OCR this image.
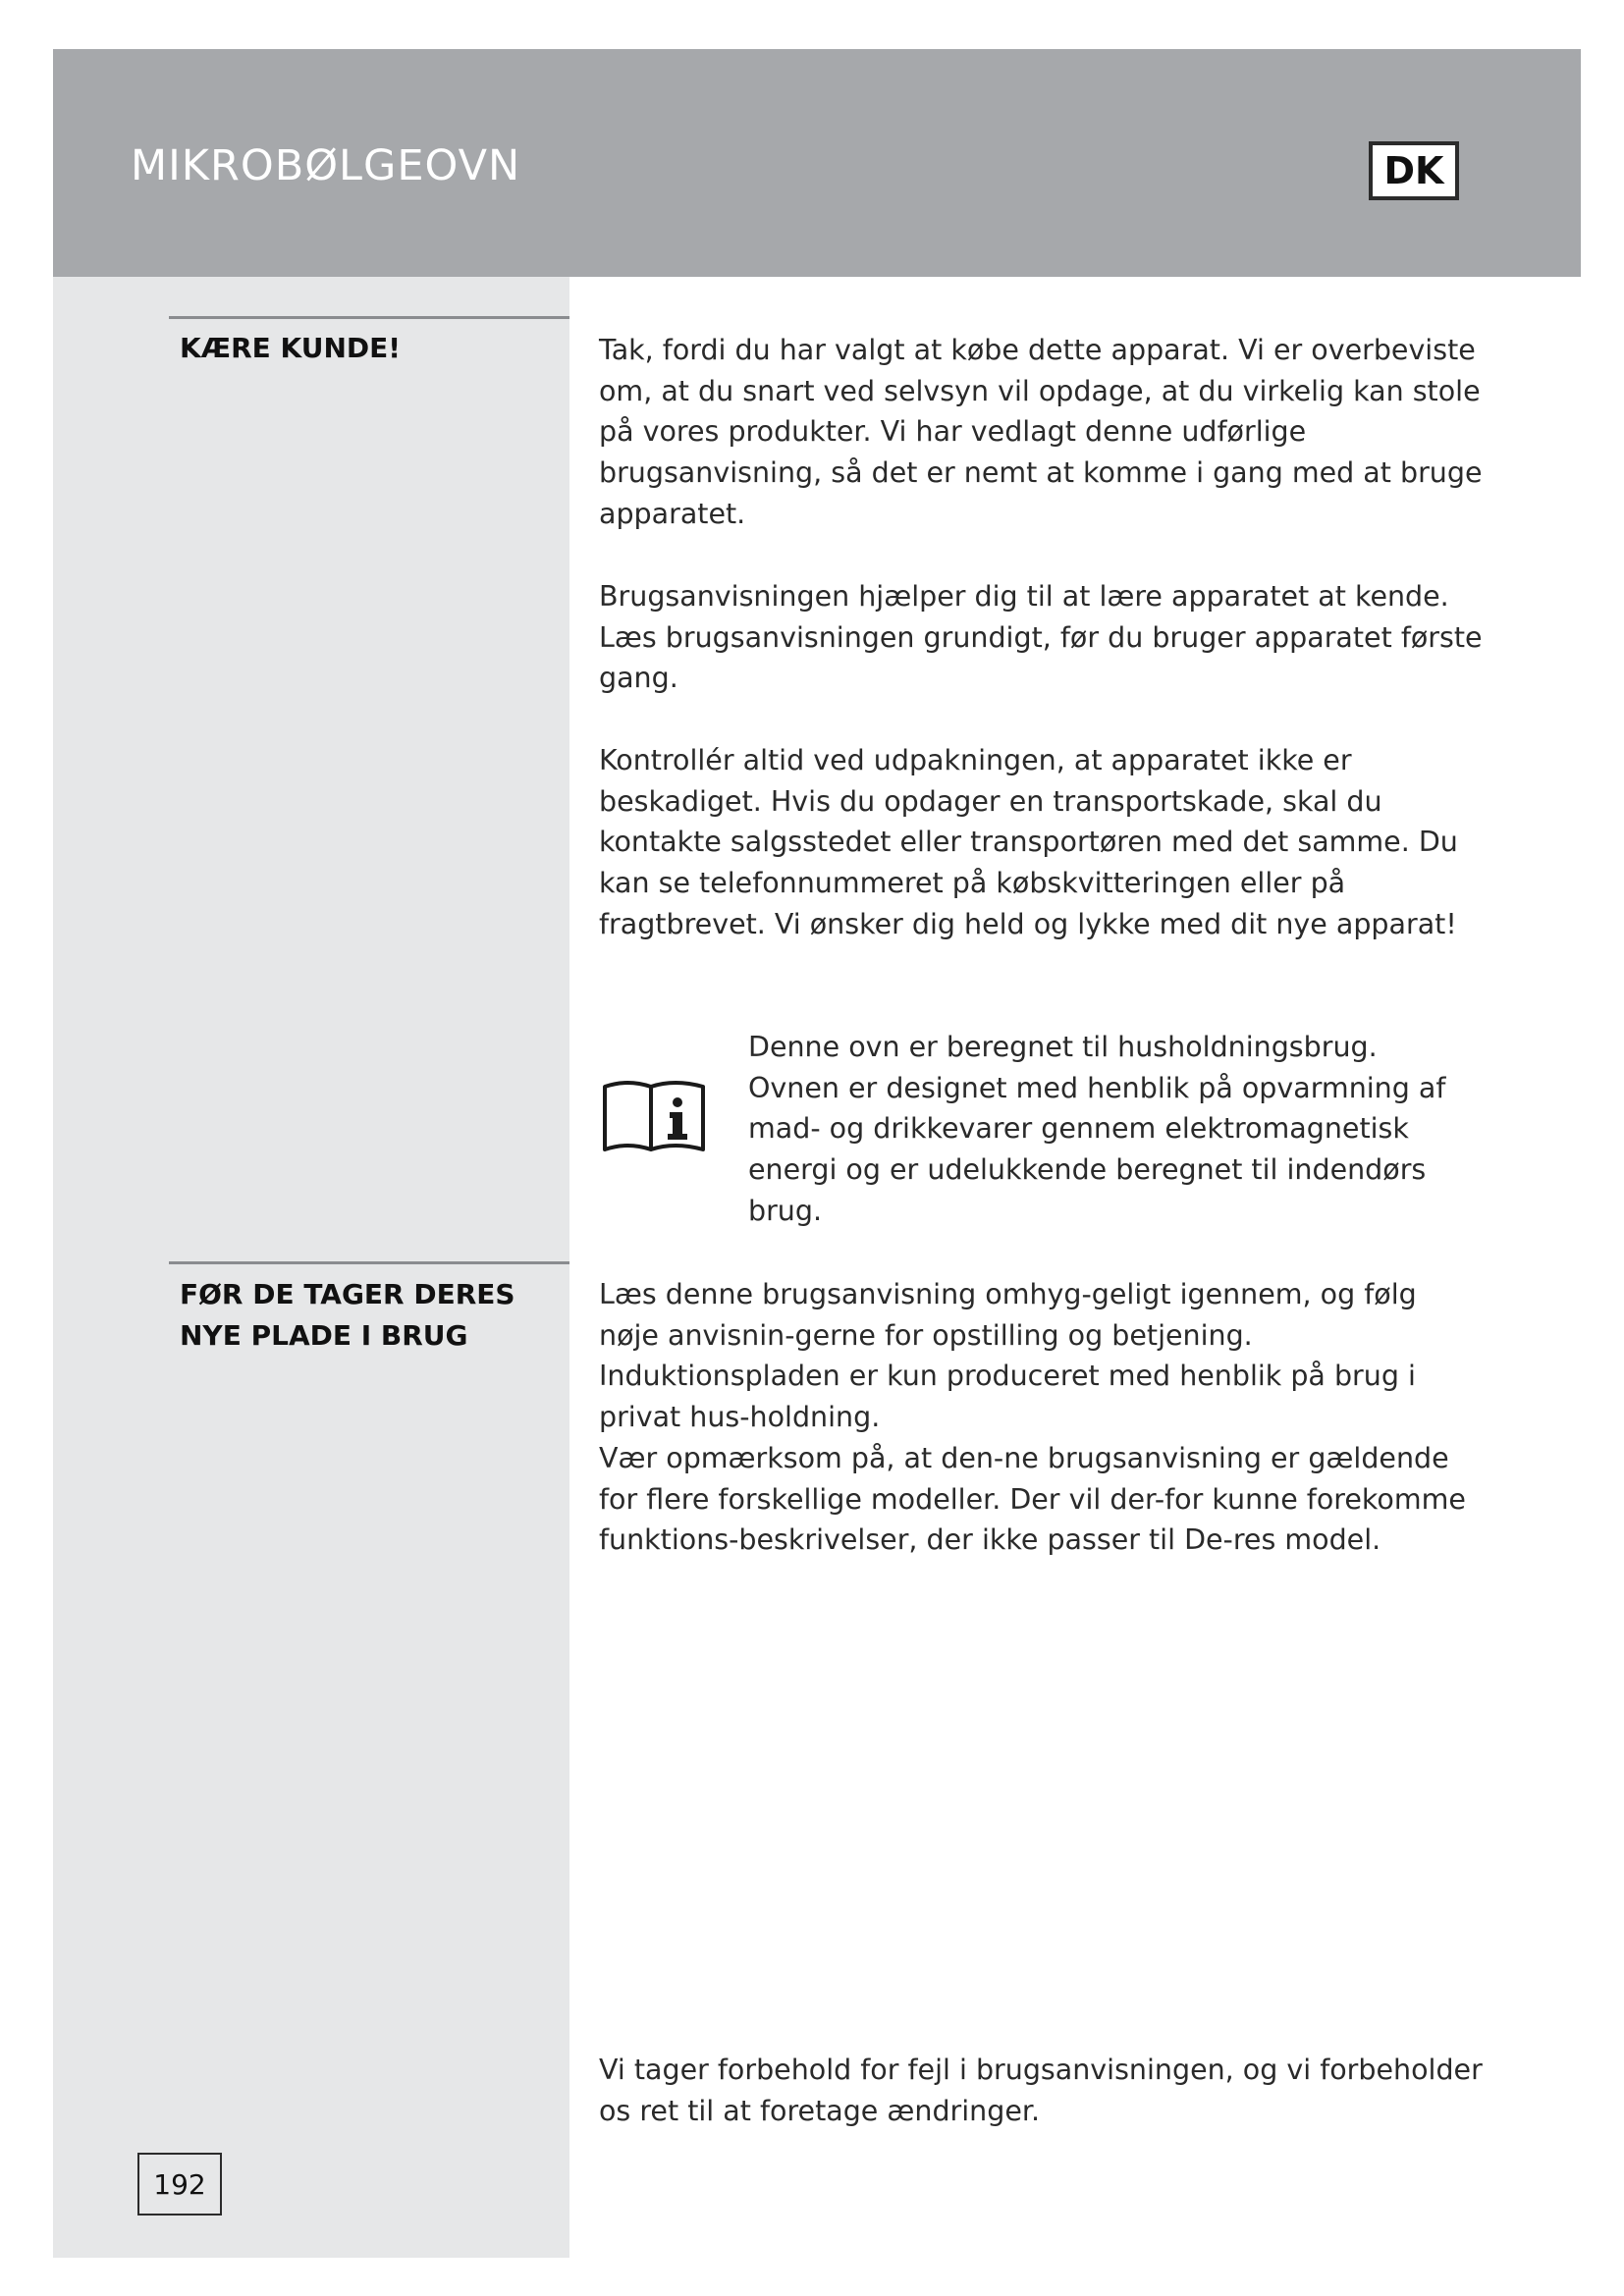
MIKROBØLGEOVN	DK
KÆRE KUNDE!	Tak, fordi du har valgt at købe dette apparat. Vi er overbeviste om, at du snart ved selvsyn vil opdage, at du virkelig kan stole på vores produkter. Vi har vedlagt denne udførlige brugsanvisning, så det er nemt at komme i gang med at bruge apparatet.

Brugsanvisningen hjælper dig til at lære apparatet at kende. Læs brugsanvisningen grundigt, før du bruger apparatet første gang.

Kontrollér altid ved udpakningen, at apparatet ikke er beskadiget. Hvis du opdager en transportskade, skal du kontakte salgsstedet eller transportøren med det samme. Du kan se telefonnummeret på købskvitteringen eller på fragtbrevet. Vi ønsker dig held og lykke med dit nye apparat!

Denne ovn er beregnet til husholdningsbrug. Ovnen er designet med henblik på opvarmning af mad- og drikkevarer gennem elektromagnetisk energi og er udelukkende beregnet til indendørs brug.

FØR DE TAGER DERES NYE PLADE I BRUG

Læs denne brugsanvisning omhyg-geligt igennem, og følg nøje anvisnin-gerne for opstilling og betjening. Induktionspladen er kun produceret med henblik på brug i privat hus-holdning.

Vær opmærksom på, at den-ne brugsanvisning er gældende for flere forskellige modeller. Der vil der-for kunne forekomme funktions-beskrivelser, der ikke passer til De-res model.

Vi tager forbehold for fejl i brugsanvisningen, og vi forbeholder os ret til at foretage ændringer.

192
